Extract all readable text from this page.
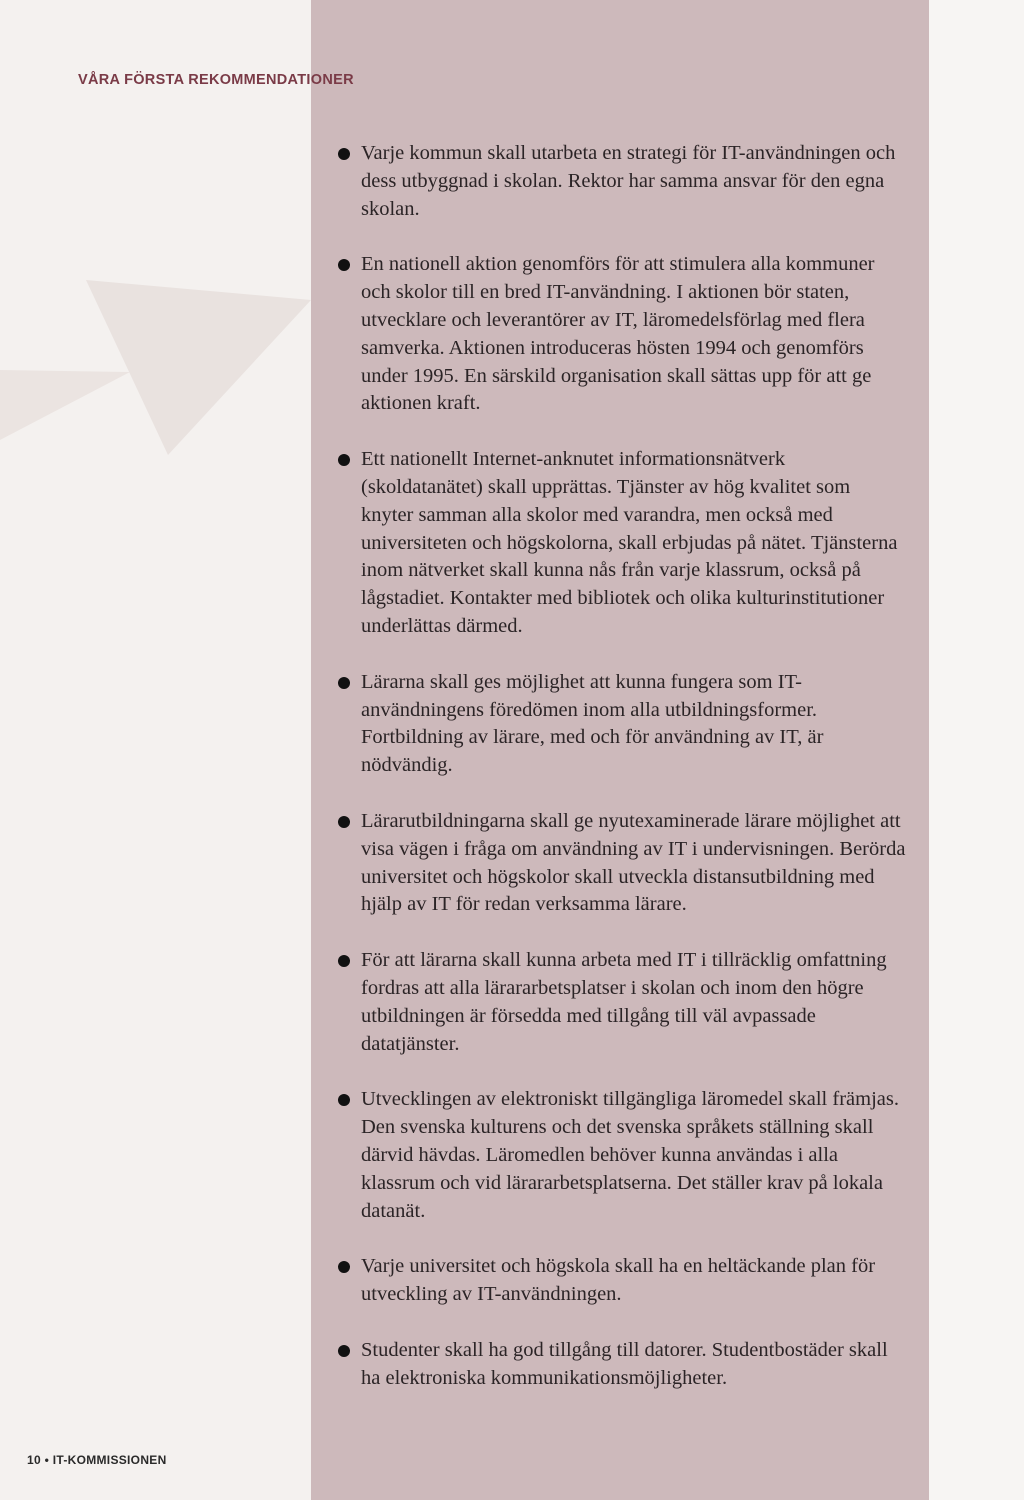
VÅRA FÖRSTA REKOMMENDATIONER
Varje kommun skall utarbeta en strategi för IT-användningen och dess utbyggnad i skolan. Rektor har samma ansvar för den egna skolan.
En nationell aktion genomförs för att stimulera alla kommuner och skolor till en bred IT-användning. I aktionen bör staten, utvecklare och leverantörer av IT, läromedelsförlag med flera samverka. Aktionen introduceras hösten 1994 och genomförs under 1995. En särskild organisation skall sättas upp för att ge aktionen kraft.
Ett nationellt Internet-anknutet informationsnätverk (skoldatanätet) skall upprättas. Tjänster av hög kvalitet som knyter samman alla skolor med varandra, men också med universiteten och högskolorna, skall erbjudas på nätet. Tjänsterna inom nätverket skall kunna nås från varje klassrum, också på lågstadiet. Kontakter med bibliotek och olika kulturinstitutioner underlättas därmed.
Lärarna skall ges möjlighet att kunna fungera som IT-användningens föredömen inom alla utbildningsformer. Fortbildning av lärare, med och för användning av IT, är nödvändig.
Lärarutbildningarna skall ge nyutexaminerade lärare möjlighet att visa vägen i fråga om användning av IT i undervisningen. Berörda universitet och högskolor skall utveckla distansutbildning med hjälp av IT för redan verksamma lärare.
För att lärarna skall kunna arbeta med IT i tillräcklig omfattning fordras att alla lärararbetsplatser i skolan och inom den högre utbildningen är försedda med tillgång till väl avpassade datatjänster.
Utvecklingen av elektroniskt tillgängliga läromedel skall främjas. Den svenska kulturens och det svenska språkets ställning skall därvid hävdas. Läromedlen behöver kunna användas i alla klassrum och vid lärararbetsplatserna. Det ställer krav på lokala datanät.
Varje universitet och högskola skall ha en heltäckande plan för utveckling av IT-användningen.
Studenter skall ha god tillgång till datorer. Studentbostäder skall ha elektroniska kommunikationsmöjligheter.

10 • IT-KOMMISSIONEN
